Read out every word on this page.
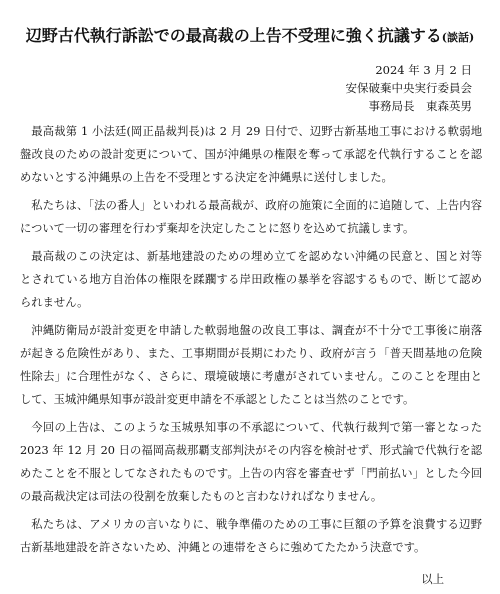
辺野古代執行訴訟での最高裁の上告不受理に強く抗議する(談話)
2024 年 3 月 2 日
安保破棄中央実行委員会
事務局長　東森英男

最高裁第 1 小法廷(岡正晶裁判長)は 2 月 29 日付で、辺野古新基地工事における軟弱地盤改良のための設計変更について、国が沖縄県の権限を奪って承認を代執行することを認めないとする沖縄県の上告を不受理とする決定を沖縄県に送付しました。

私たちは、「法の番人」といわれる最高裁が、政府の施策に全面的に追随して、上告内容について一切の審理を行わず棄却を決定したことに怒りを込めて抗議します。

最高裁のこの決定は、新基地建設のための埋め立てを認めない沖縄の民意と、国と対等とされている地方自治体の権限を蹂躙する岸田政権の暴挙を容認するもので、断じて認められません。

沖縄防衛局が設計変更を申請した軟弱地盤の改良工事は、調査が不十分で工事後に崩落が起きる危険性があり、また、工事期間が長期にわたり、政府が言う「普天間基地の危険性除去」に合理性がなく、さらに、環境破壊に考慮がされていません。このことを理由として、玉城沖縄県知事が設計変更申請を不承認としたことは当然のことです。

今回の上告は、このような玉城県知事の不承認について、代執行裁判で第一審となった 2023 年 12 月 20 日の福岡高裁那覇支部判決がその内容を検討せず、形式論で代執行を認めたことを不服としてなされたものです。上告の内容を審査せず「門前払い」とした今回の最高裁決定は司法の役割を放棄したものと言わなければなりません。

私たちは、アメリカの言いなりに、戦争準備のための工事に巨額の予算を浪費する辺野古新基地建設を許さないため、沖縄との連帯をさらに強めてたたかう決意です。

以上
